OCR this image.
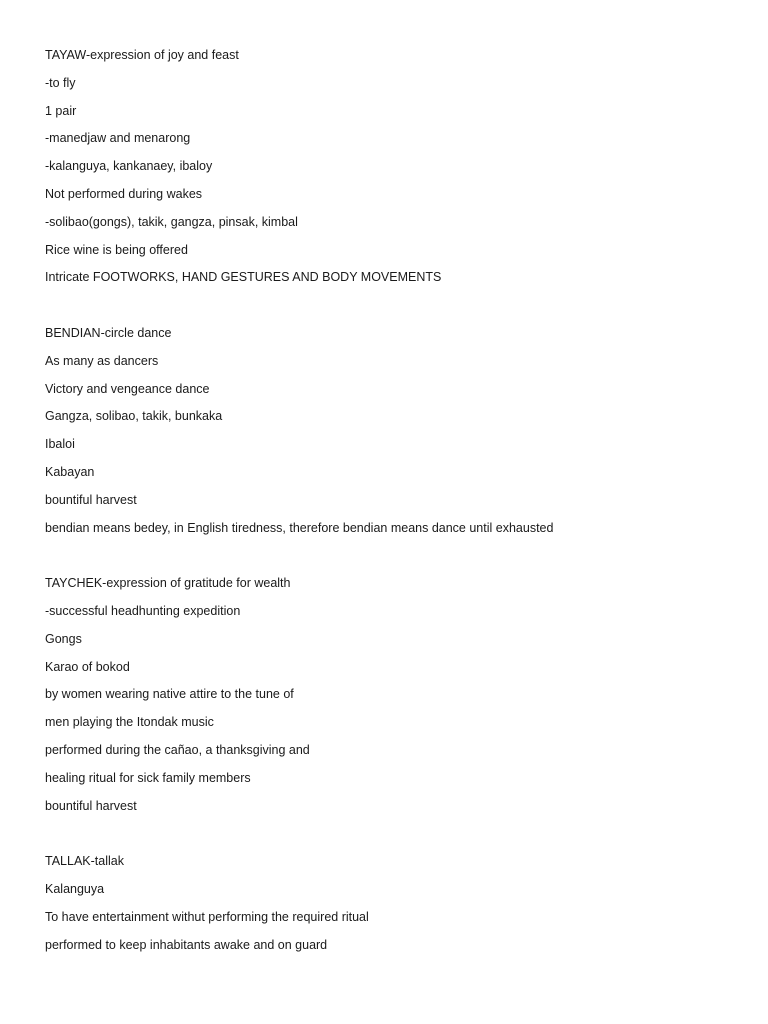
TAYAW-expression of joy and feast
-to fly
1 pair
-manedjaw and menarong
-kalanguya, kankanaey, ibaloy
Not performed during wakes
-solibao(gongs), takik, gangza, pinsak, kimbal
Rice wine is being offered
Intricate FOOTWORKS, HAND GESTURES AND BODY MOVEMENTS
BENDIAN-circle dance
As many as dancers
Victory and vengeance dance
Gangza, solibao, takik, bunkaka
Ibaloi
Kabayan
bountiful harvest
bendian means bedey, in English tiredness, therefore bendian means dance until exhausted
TAYCHEK-expression of gratitude for wealth
-successful headhunting expedition
Gongs
Karao of bokod
by women wearing native attire to the tune of
men playing the Itondak music
performed during the cañao, a thanksgiving and
healing ritual for sick family members
bountiful harvest
TALLAK-tallak
Kalanguya
To have entertainment withut performing the required ritual
performed to keep inhabitants awake and on guard
